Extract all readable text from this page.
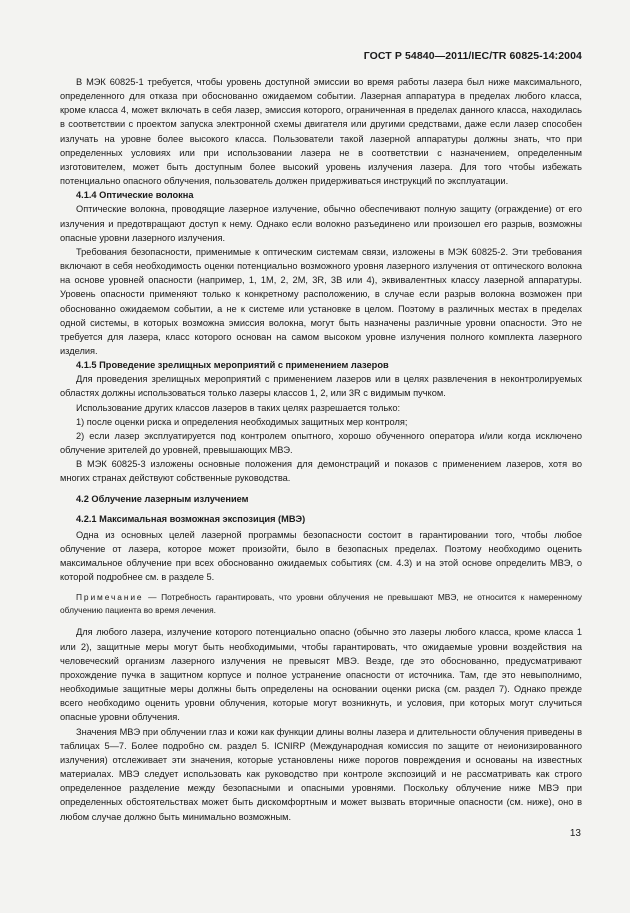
ГОСТ Р 54840—2011/IEC/TR 60825-14:2004

В МЭК 60825-1 требуется, чтобы уровень доступной эмиссии во время работы лазера был ниже максимального, определенного для отказа при обоснованно ожидаемом событии. Лазерная аппаратура в пределах любого класса, кроме класса 4, может включать в себя лазер, эмиссия которого, ограниченная в пределах данного класса, находилась в соответствии с проектом запуска электронной схемы двигателя или другими средствами, даже если лазер способен излучать на уровне более высокого класса. Пользователи такой лазерной аппаратуры должны знать, что при определенных условиях или при использовании лазера не в соответствии с назначением, определенным изготовителем, может быть доступным более высокий уровень излучения лазера. Для того чтобы избежать потенциально опасного облучения, пользователь должен придерживаться инструкций по эксплуатации.

4.1.4 Оптические волокна

Оптические волокна, проводящие лазерное излучение, обычно обеспечивают полную защиту (ограждение) от его излучения и предотвращают доступ к нему. Однако если волокно разъединено или произошел его разрыв, возможны опасные уровни лазерного излучения.

Требования безопасности, применимые к оптическим системам связи, изложены в МЭК 60825-2. Эти требования включают в себя необходимость оценки потенциально возможного уровня лазерного излучения от оптического волокна на основе уровней опасности (например, 1, 1M, 2, 2M, 3R, 3B или 4), эквивалентных классу лазерной аппаратуры. Уровень опасности применяют только к конкретному расположению, в случае если разрыв волокна возможен при обоснованно ожидаемом событии, а не к системе или установке в целом. Поэтому в различных местах в пределах одной системы, в которых возможна эмиссия волокна, могут быть назначены различные уровни опасности. Это не требуется для лазера, класс которого основан на самом высоком уровне излучения полного комплекта лазерного изделия.

4.1.5 Проведение зрелищных мероприятий с применением лазеров

Для проведения зрелищных мероприятий с применением лазеров или в целях развлечения в неконтролируемых областях должны использоваться только лазеры классов 1, 2, или 3R с видимым пучком.

Использование других классов лазеров в таких целях разрешается только:

1) после оценки риска и определения необходимых защитных мер контроля;

2) если лазер эксплуатируется под контролем опытного, хорошо обученного оператора и/или когда исключено облучение зрителей до уровней, превышающих МВЭ.

В МЭК 60825-3 изложены основные положения для демонстраций и показов с применением лазеров, хотя во многих странах действуют собственные руководства.

4.2 Облучение лазерным излучением

4.2.1 Максимальная возможная экспозиция (МВЭ)

Одна из основных целей лазерной программы безопасности состоит в гарантировании того, чтобы любое облучение от лазера, которое может произойти, было в безопасных пределах. Поэтому необходимо оценить максимальное облучение при всех обоснованно ожидаемых событиях (см. 4.3) и на этой основе определить МВЭ, о которой подробнее см. в разделе 5.

Примечание — Потребность гарантировать, что уровни облучения не превышают МВЭ, не относится к намеренному облучению пациента во время лечения.

Для любого лазера, излучение которого потенциально опасно (обычно это лазеры любого класса, кроме класса 1 или 2), защитные меры могут быть необходимыми, чтобы гарантировать, что ожидаемые уровни воздействия на человеческий организм лазерного излучения не превысят МВЭ. Везде, где это обоснованно, предусматривают прохождение пучка в защитном корпусе и полное устранение опасности от источника. Там, где это невыполнимо, необходимые защитные меры должны быть определены на основании оценки риска (см. раздел 7). Однако прежде всего необходимо оценить уровни облучения, которые могут возникнуть, и условия, при которых могут случиться опасные уровни облучения.

Значения МВЭ при облучении глаз и кожи как функции длины волны лазера и длительности облучения приведены в таблицах 5—7. Более подробно см. раздел 5. ICNIRP (Международная комиссия по защите от неионизированного излучения) отслеживает эти значения, которые установлены ниже порогов повреждения и основаны на известных материалах. МВЭ следует использовать как руководство при контроле экспозиций и не рассматривать как строго определенное разделение между безопасными и опасными уровнями. Поскольку облучение ниже МВЭ при определенных обстоятельствах может быть дискомфортным и может вызвать вторичные опасности (см. ниже), оно в любом случае должно быть минимально возможным.

13
